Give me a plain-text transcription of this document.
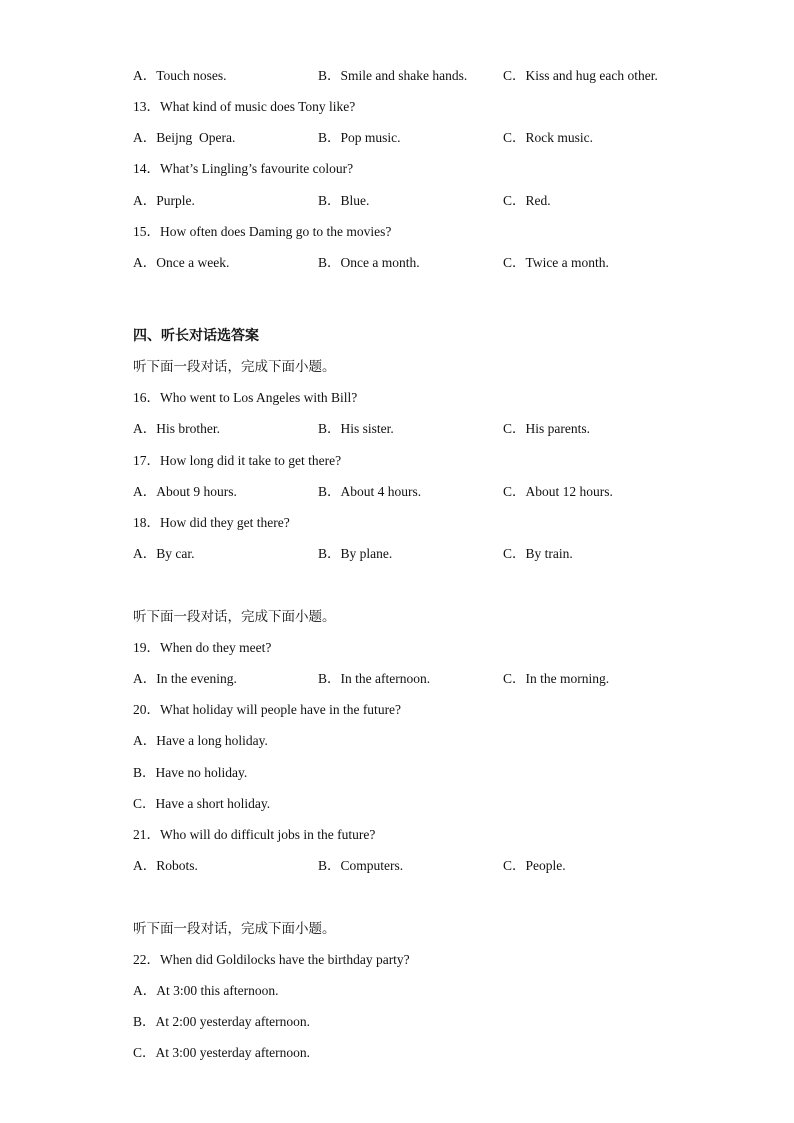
A．Touch noses.	B．Smile and shake hands.	C．Kiss and hug each other.
13．What kind of music does Tony like?
A．Beijng  Opera.	B．Pop music.	C．Rock music.
14．What’s Lingling’s favourite colour?
A．Purple.	B．Blue.	C．Red.
15．How often does Daming go to the movies?
A．Once a week.	B．Once a month.	C．Twice a month.
四、听长对话选答案
听下面一段对话，完成下面小题。
16．Who went to Los Angeles with Bill?
A．His brother.	B．His sister.	C．His parents.
17．How long did it take to get there?
A．About 9 hours.	B．About 4 hours.	C．About 12 hours.
18．How did they get there?
A．By car.	B．By plane.	C．By train.
听下面一段对话，完成下面小题。
19．When do they meet?
A．In the evening.	B．In the afternoon.	C．In the morning.
20．What holiday will people have in the future?
A．Have a long holiday.
B．Have no holiday.
C．Have a short holiday.
21．Who will do difficult jobs in the future?
A．Robots.	B．Computers.	C．People.
听下面一段对话，完成下面小题。
22．When did Goldilocks have the birthday party?
A．At 3:00 this afternoon.
B．At 2:00 yesterday afternoon.
C．At 3:00 yesterday afternoon.
